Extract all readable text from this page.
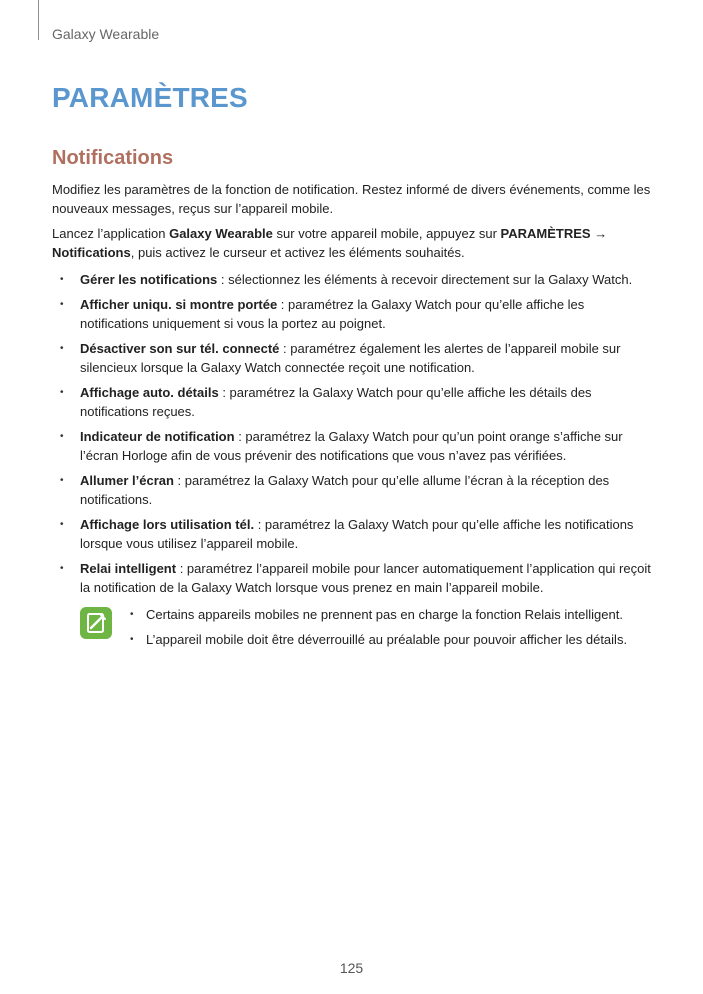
Galaxy Wearable
PARAMÈTRES
Notifications

Modifiez les paramètres de la fonction de notification. Restez informé de divers événements, comme les nouveaux messages, reçus sur l’appareil mobile.

Lancez l’application Galaxy Wearable sur votre appareil mobile, appuyez sur PARAMÈTRES → Notifications, puis activez le curseur et activez les éléments souhaités.

• Gérer les notifications : sélectionnez les éléments à recevoir directement sur la Galaxy Watch.
• Afficher uniqu. si montre portée : paramétrez la Galaxy Watch pour qu’elle affiche les notifications uniquement si vous la portez au poignet.
• Désactiver son sur tél. connecté : paramétrez également les alertes de l’appareil mobile sur silencieux lorsque la Galaxy Watch connectée reçoit une notification.
• Affichage auto. détails : paramétrez la Galaxy Watch pour qu’elle affiche les détails des notifications reçues.
• Indicateur de notification : paramétrez la Galaxy Watch pour qu’un point orange s’affiche sur l’écran Horloge afin de vous prévenir des notifications que vous n’avez pas vérifiées.
• Allumer l’écran : paramétrez la Galaxy Watch pour qu’elle allume l’écran à la réception des notifications.
• Affichage lors utilisation tél. : paramétrez la Galaxy Watch pour qu’elle affiche les notifications lorsque vous utilisez l’appareil mobile.
• Relai intelligent : paramétrez l’appareil mobile pour lancer automatiquement l’application qui reçoit la notification de la Galaxy Watch lorsque vous prenez en main l’appareil mobile.
• Certains appareils mobiles ne prennent pas en charge la fonction Relais intelligent.
• L’appareil mobile doit être déverrouillé au préalable pour pouvoir afficher les détails.
125
